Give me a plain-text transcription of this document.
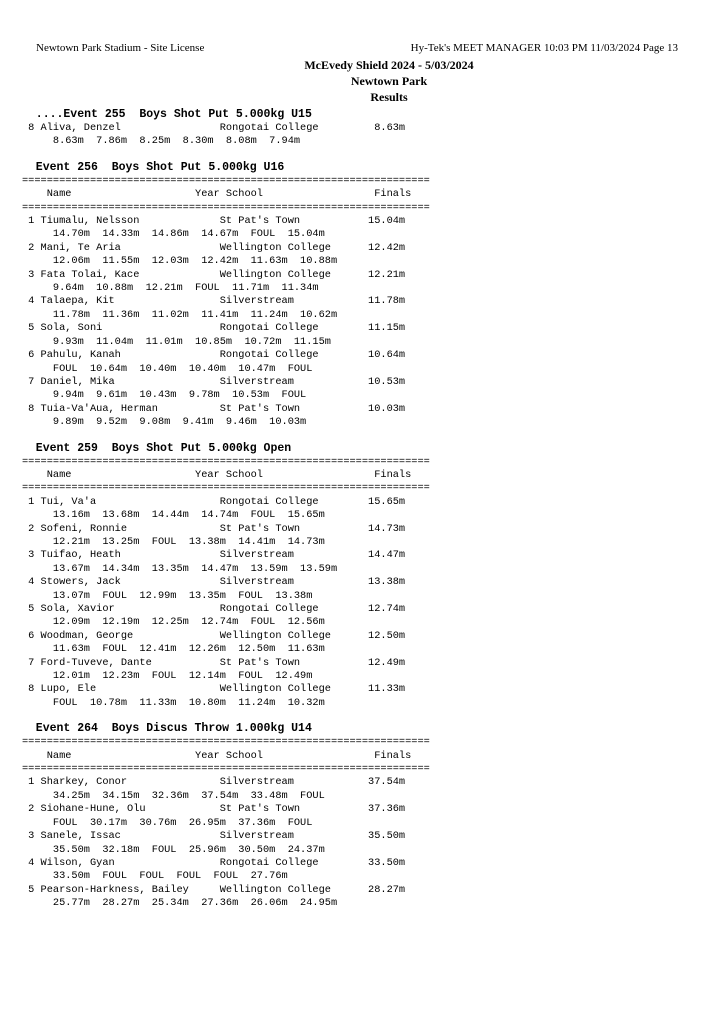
Newtown Park Stadium - Site License	Hy-Tek's MEET MANAGER 10:03 PM 11/03/2024 Page 13
McEvedy Shield 2024 - 5/03/2024
Newtown Park
Results
....Event 255  Boys Shot Put 5.000kg U15
8 Aliva, Denzel                Rongotai College         8.63m
8.63m  7.86m  8.25m  8.30m  8.08m  7.94m
Event 256  Boys Shot Put 5.000kg U16
==================================================================
Name                    Year School                  Finals
==================================================================
1 Tiumalu, Nelsson             St Pat's Town           15.04m
14.70m  14.33m  14.86m  14.67m  FOUL  15.04m
2 Mani, Te Aria                Wellington College      12.42m
12.06m  11.55m  12.03m  12.42m  11.63m  10.88m
3 Fata Tolai, Kace             Wellington College      12.21m
9.64m  10.88m  12.21m  FOUL  11.71m  11.34m
4 Talaepa, Kit                 Silverstream            11.78m
11.78m  11.36m  11.02m  11.41m  11.24m  10.62m
5 Sola, Soni                   Rongotai College        11.15m
9.93m  11.04m  11.01m  10.85m  10.72m  11.15m
6 Pahulu, Kanah                Rongotai College        10.64m
FOUL  10.64m  10.40m  10.40m  10.47m  FOUL
7 Daniel, Mika                 Silverstream            10.53m
9.94m  9.61m  10.43m  9.78m  10.53m  FOUL
8 Tuia-Va'Aua, Herman          St Pat's Town           10.03m
9.89m  9.52m  9.08m  9.41m  9.46m  10.03m
Event 259  Boys Shot Put 5.000kg Open
==================================================================
Name                    Year School                  Finals
==================================================================
1 Tui, Va'a                    Rongotai College        15.65m
13.16m  13.68m  14.44m  14.74m  FOUL  15.65m
2 Sofeni, Ronnie               St Pat's Town           14.73m
12.21m  13.25m  FOUL  13.38m  14.41m  14.73m
3 Tuifao, Heath                Silverstream            14.47m
13.67m  14.34m  13.35m  14.47m  13.59m  13.59m
4 Stowers, Jack                Silverstream            13.38m
13.07m  FOUL  12.99m  13.35m  FOUL  13.38m
5 Sola, Xavior                 Rongotai College        12.74m
12.09m  12.19m  12.25m  12.74m  FOUL  12.56m
6 Woodman, George              Wellington College      12.50m
11.63m  FOUL  12.41m  12.26m  12.50m  11.63m
7 Ford-Tuveve, Dante           St Pat's Town           12.49m
12.01m  12.23m  FOUL  12.14m  FOUL  12.49m
8 Lupo, Ele                    Wellington College      11.33m
FOUL  10.78m  11.33m  10.80m  11.24m  10.32m
Event 264  Boys Discus Throw 1.000kg U14
==================================================================
Name                    Year School                  Finals
==================================================================
1 Sharkey, Conor               Silverstream            37.54m
34.25m  34.15m  32.36m  37.54m  33.48m  FOUL
2 Siohane-Hune, Olu            St Pat's Town           37.36m
FOUL  30.17m  30.76m  26.95m  37.36m  FOUL
3 Sanele, Issac                Silverstream            35.50m
35.50m  32.18m  FOUL  25.96m  30.50m  24.37m
4 Wilson, Gyan                 Rongotai College        33.50m
33.50m  FOUL  FOUL  FOUL  FOUL  27.76m
5 Pearson-Harkness, Bailey     Wellington College      28.27m
25.77m  28.27m  25.34m  27.36m  26.06m  24.95m
